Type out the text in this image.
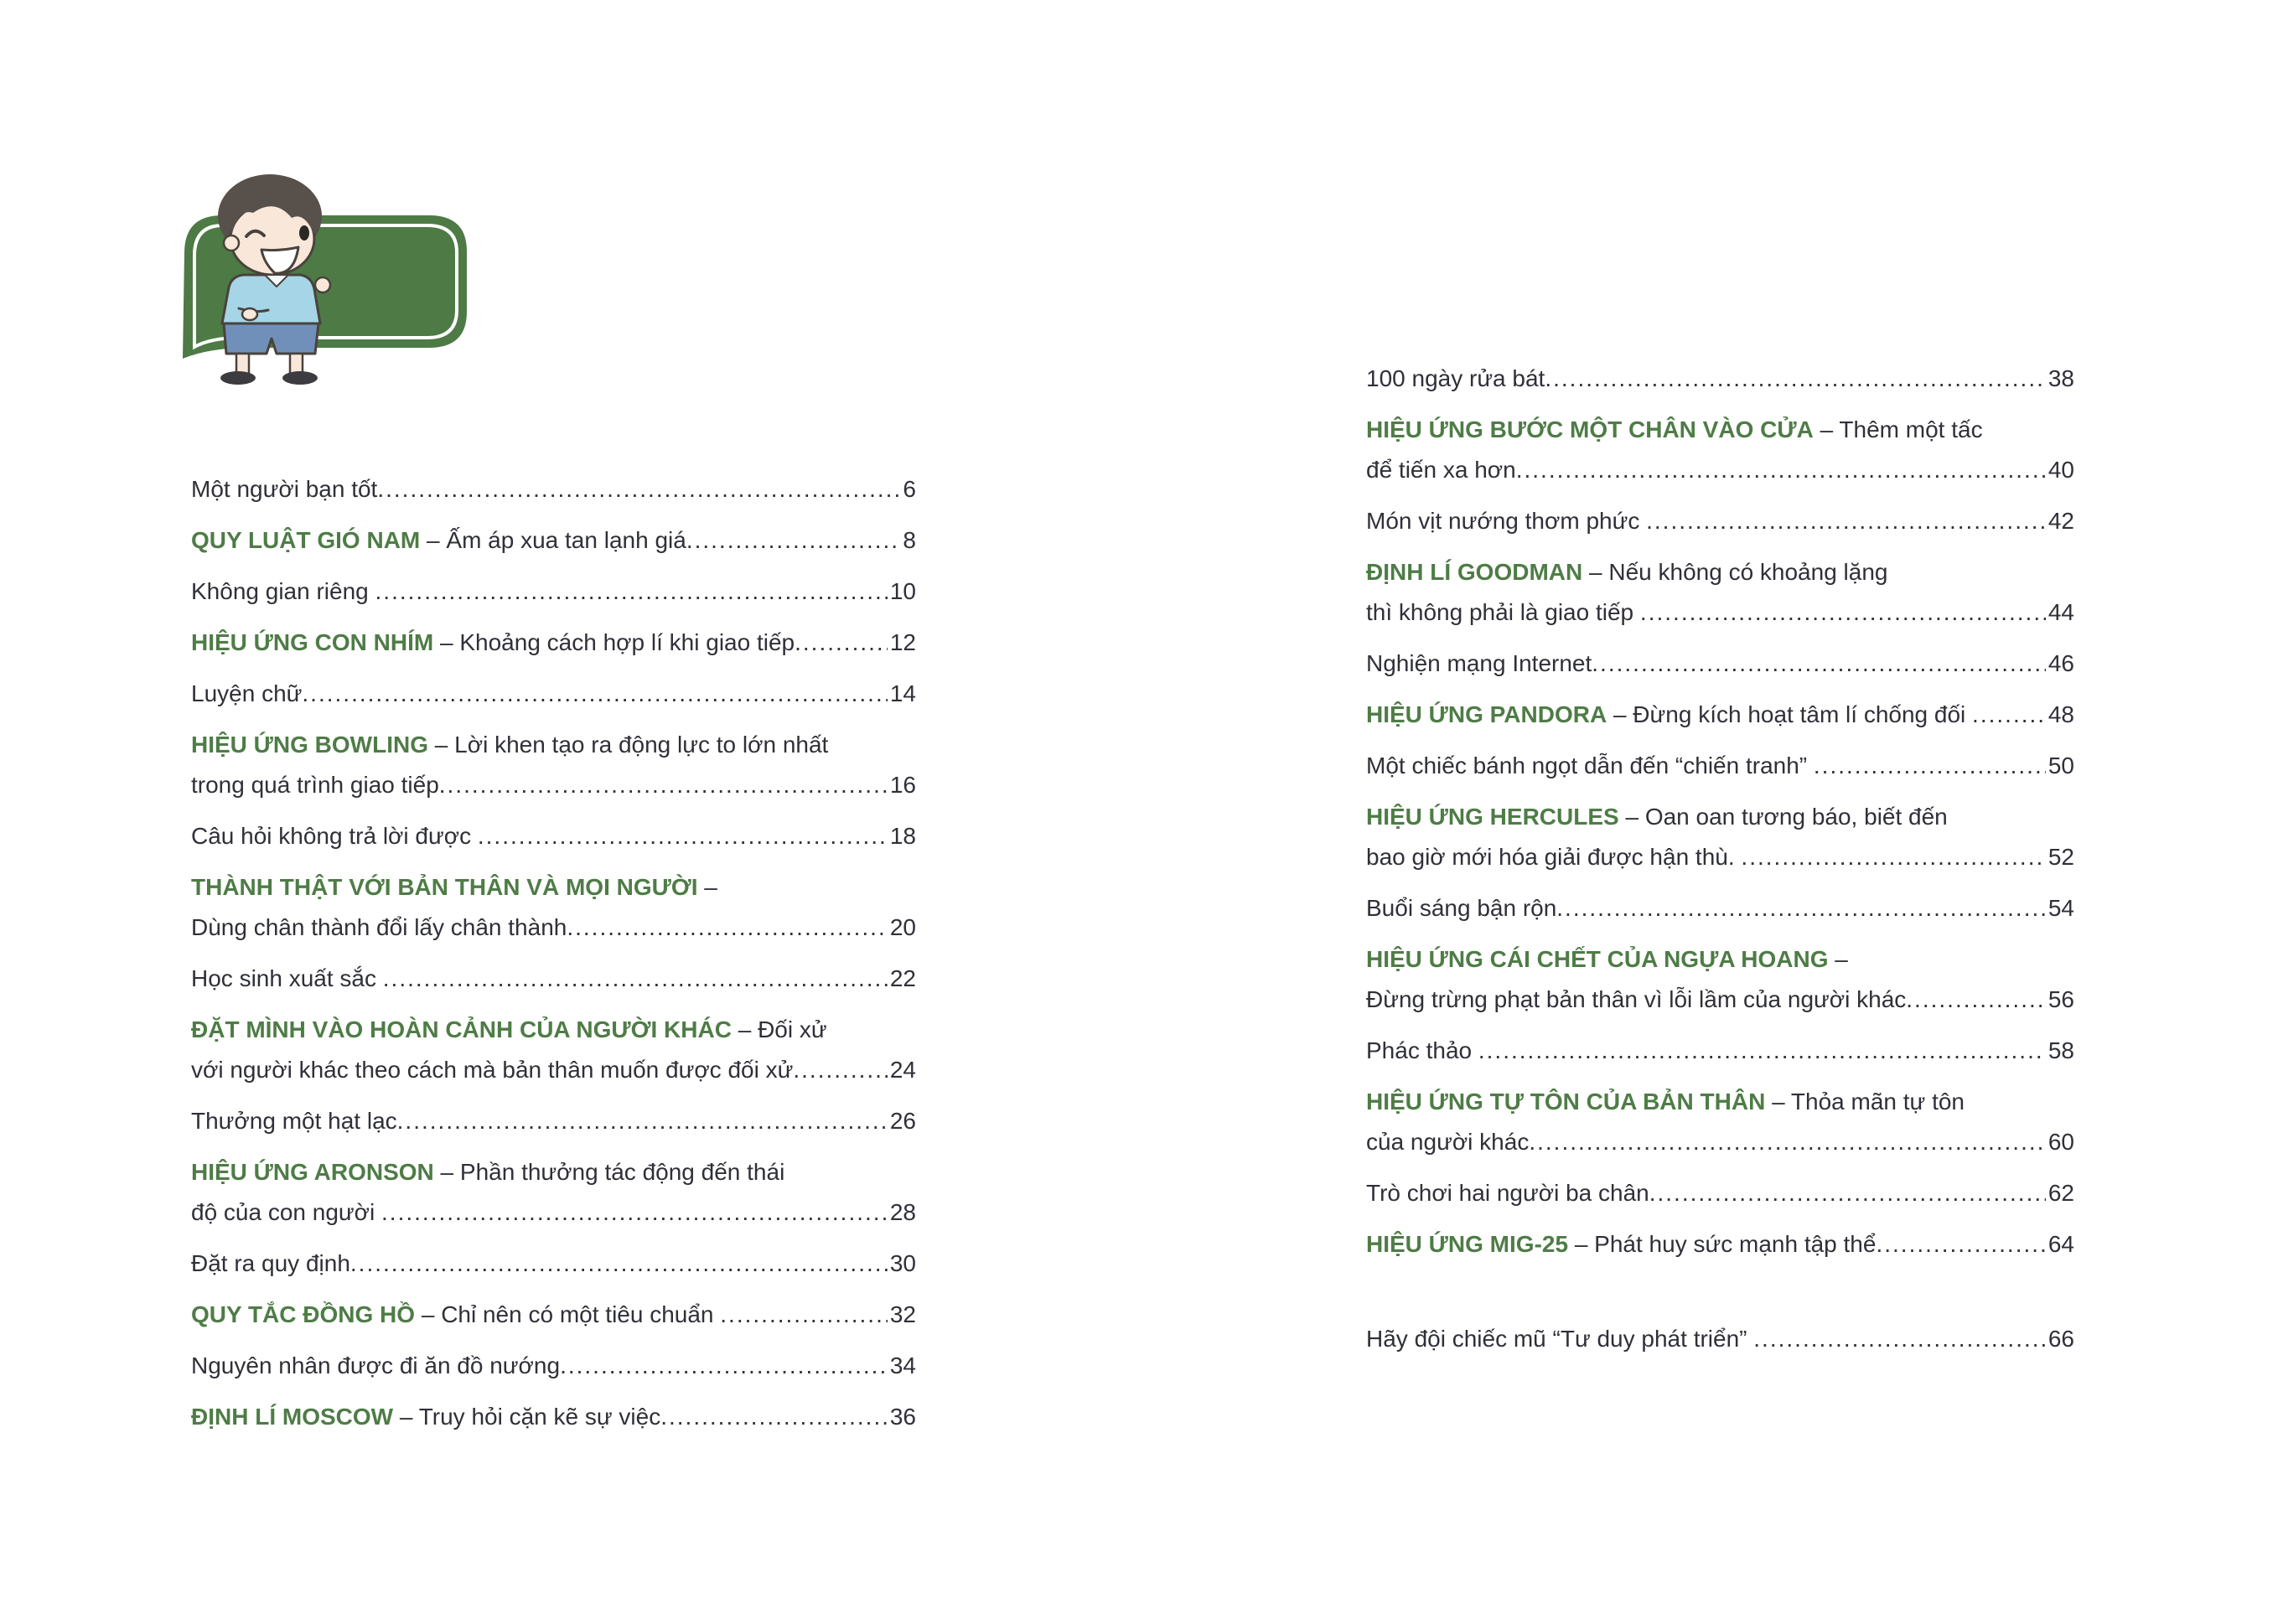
MỤC LỤC
Một người bạn tốt .....	6
QUY LUẬT GIÓ NAM – Ấm áp xua tan lạnh giá .....	8
Không gian riêng .....	10
HIỆU ỨNG CON NHÍM – Khoảng cách hợp lí khi giao tiếp .....	12
Luyện chữ .....	14
HIỆU ỨNG BOWLING – Lời khen tạo ra động lực to lớn nhất
trong quá trình giao tiếp .....	16
Câu hỏi không trả lời được .....	18
THÀNH THẬT VỚI BẢN THÂN VÀ MỌI NGƯỜI –
Dùng chân thành đổi lấy chân thành .....	20
Học sinh xuất sắc .....	22
ĐẶT MÌNH VÀO HOÀN CẢNH CỦA NGƯỜI KHÁC – Đối xử
với người khác theo cách mà bản thân muốn được đối xử .....	24
Thưởng một hạt lạc .....	26
HIỆU ỨNG ARONSON – Phần thưởng tác động đến thái
độ của con người .....	28
Đặt ra quy định .....	30
QUY TẮC ĐỒNG HỒ – Chỉ nên có một tiêu chuẩn .....	32
Nguyên nhân được đi ăn đồ nướng .....	34
ĐỊNH LÍ MOSCOW – Truy hỏi cặn kẽ sự việc .....	36
100 ngày rửa bát .....	38
HIỆU ỨNG BƯỚC MỘT CHÂN VÀO CỬA – Thêm một tấc
để tiến xa hơn .....	40
Món vịt nướng thơm phức .....	42
ĐỊNH LÍ GOODMAN – Nếu không có khoảng lặng
thì không phải là giao tiếp .....	44
Nghiện mạng Internet .....	46
HIỆU ỨNG PANDORA – Đừng kích hoạt tâm lí chống đối .....	48
Một chiếc bánh ngọt dẫn đến “chiến tranh” .....	50
HIỆU ỨNG HERCULES – Oan oan tương báo, biết đến
bao giờ mới hóa giải được hận thù. .....	52
Buổi sáng bận rộn .....	54
HIỆU ỨNG CÁI CHẾT CỦA NGỰA HOANG –
Đừng trừng phạt bản thân vì lỗi lầm của người khác .....	56
Phác thảo .....	58
HIỆU ỨNG TỰ TÔN CỦA BẢN THÂN – Thỏa mãn tự tôn
của người khác .....	60
Trò chơi hai người ba chân .....	62
HIỆU ỨNG MIG-25 – Phát huy sức mạnh tập thể .....	64
Hãy đội chiếc mũ “Tư duy phát triển” .....	66
